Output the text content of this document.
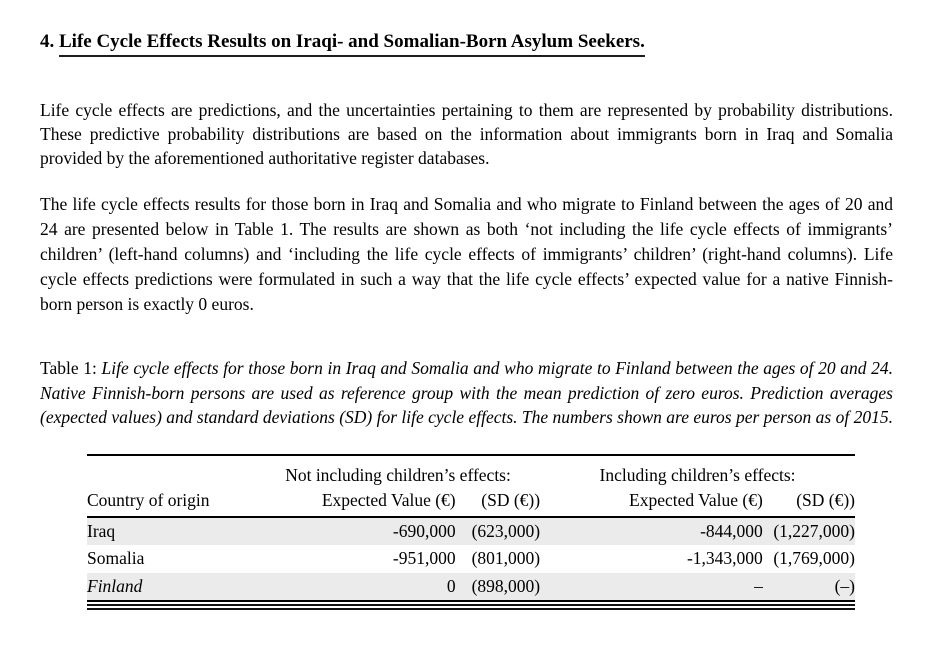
4. Life Cycle Effects Results on Iraqi- and Somalian-Born Asylum Seekers.

Life cycle effects are predictions, and the uncertainties pertaining to them are represented by probability distributions. These predictive probability distributions are based on the information about immigrants born in Iraq and Somalia provided by the aforementioned authoritative register databases.

The life cycle effects results for those born in Iraq and Somalia and who migrate to Finland between the ages of 20 and 24 are presented below in Table 1. The results are shown as both ‘not including the life cycle effects of immigrants’ children’ (left-hand columns) and ‘including the life cycle effects of immigrants’ children’ (right-hand columns). Life cycle effects predictions were formulated in such a way that the life cycle effects’ expected value for a native Finnish-born person is exactly 0 euros.

Table 1: Life cycle effects for those born in Iraq and Somalia and who migrate to Finland between the ages of 20 and 24. Native Finnish-born persons are used as reference group with the mean prediction of zero euros. Prediction averages (expected values) and standard deviations (SD) for life cycle effects. The numbers shown are euros per person as of 2015.

	Not including children’s effects:		Including children’s effects:	
Country of origin	Expected Value (€)	(SD (€))	Expected Value (€)	(SD (€))
Iraq	-690,000	(623,000)	-844,000	(1,227,000)
Somalia	-951,000	(801,000)	-1,343,000	(1,769,000)
Finland	0	(898,000)	–	(–)
